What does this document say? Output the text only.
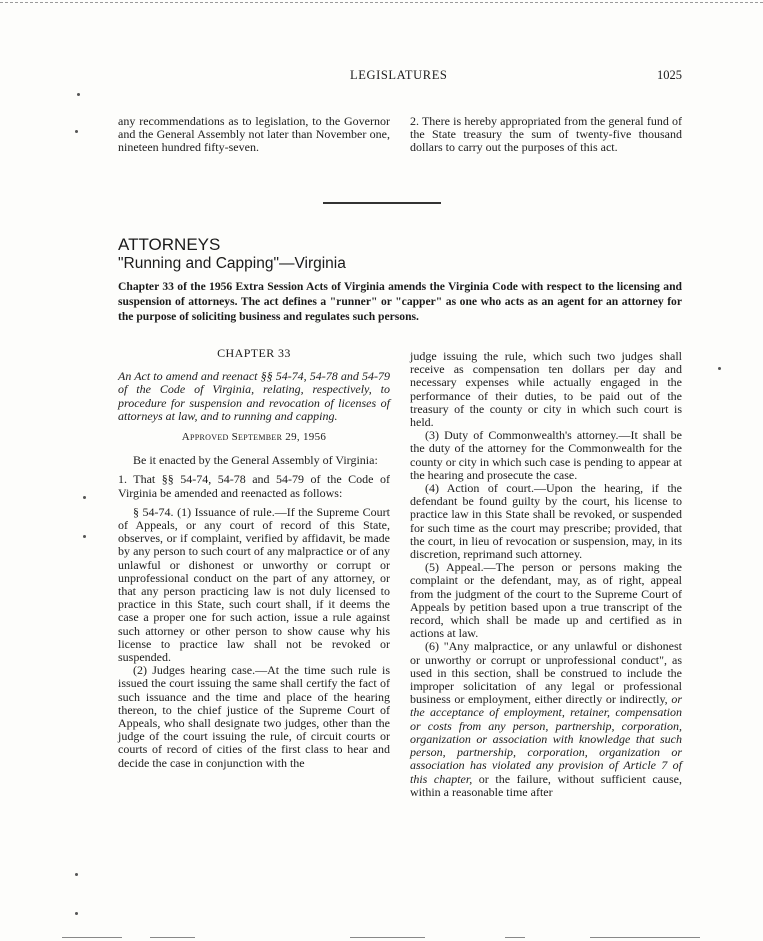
LEGISLATURES	1025

any recommendations as to legislation, to the Governor and the General Assembly not later than November one, nineteen hundred fifty-seven.

2. There is hereby appropriated from the general fund of the State treasury the sum of twenty-five thousand dollars to carry out the purposes of this act.

ATTORNEYS
"Running and Capping"—Virginia
Chapter 33 of the 1956 Extra Session Acts of Virginia amends the Virginia Code with respect to the licensing and suspension of attorneys. The act defines a "runner" or "capper" as one who acts as an agent for an attorney for the purpose of soliciting business and regulates such persons.

CHAPTER 33

An Act to amend and reenact §§ 54-74, 54-78 and 54-79 of the Code of Virginia, relating, respectively, to procedure for suspension and revocation of licenses of attorneys at law, and to running and capping.

Approved September 29, 1956

Be it enacted by the General Assembly of Virginia:

1. That §§ 54-74, 54-78 and 54-79 of the Code of Virginia be amended and reenacted as follows:

§ 54-74. (1) Issuance of rule.—If the Supreme Court of Appeals, or any court of record of this State, observes, or if complaint, verified by affidavit, be made by any person to such court of any malpractice or of any unlawful or dishonest or unworthy or corrupt or unprofessional conduct on the part of any attorney, or that any person practicing law is not duly licensed to practice in this State, such court shall, if it deems the case a proper one for such action, issue a rule against such attorney or other person to show cause why his license to practice law shall not be revoked or suspended.

(2) Judges hearing case.—At the time such rule is issued the court issuing the same shall certify the fact of such issuance and the time and place of the hearing thereon, to the chief justice of the Supreme Court of Appeals, who shall designate two judges, other than the judge of the court issuing the rule, of circuit courts or courts of record of cities of the first class to hear and decide the case in conjunction with the

judge issuing the rule, which such two judges shall receive as compensation ten dollars per day and necessary expenses while actually engaged in the performance of their duties, to be paid out of the treasury of the county or city in which such court is held.

(3) Duty of Commonwealth's attorney.—It shall be the duty of the attorney for the Commonwealth for the county or city in which such case is pending to appear at the hearing and prosecute the case.

(4) Action of court.—Upon the hearing, if the defendant be found guilty by the court, his license to practice law in this State shall be revoked, or suspended for such time as the court may prescribe; provided, that the court, in lieu of revocation or suspension, may, in its discretion, reprimand such attorney.

(5) Appeal.—The person or persons making the complaint or the defendant, may, as of right, appeal from the judgment of the court to the Supreme Court of Appeals by petition based upon a true transcript of the record, which shall be made up and certified as in actions at law.

(6) "Any malpractice, or any unlawful or dishonest or unworthy or corrupt or unprofessional conduct", as used in this section, shall be construed to include the improper solicitation of any legal or professional business or employment, either directly or indirectly, or the acceptance of employment, retainer, compensation or costs from any person, partnership, corporation, organization or association with knowledge that such person, partnership, corporation, organization or association has violated any provision of Article 7 of this chapter, or the failure, without sufficient cause, within a reasonable time after
